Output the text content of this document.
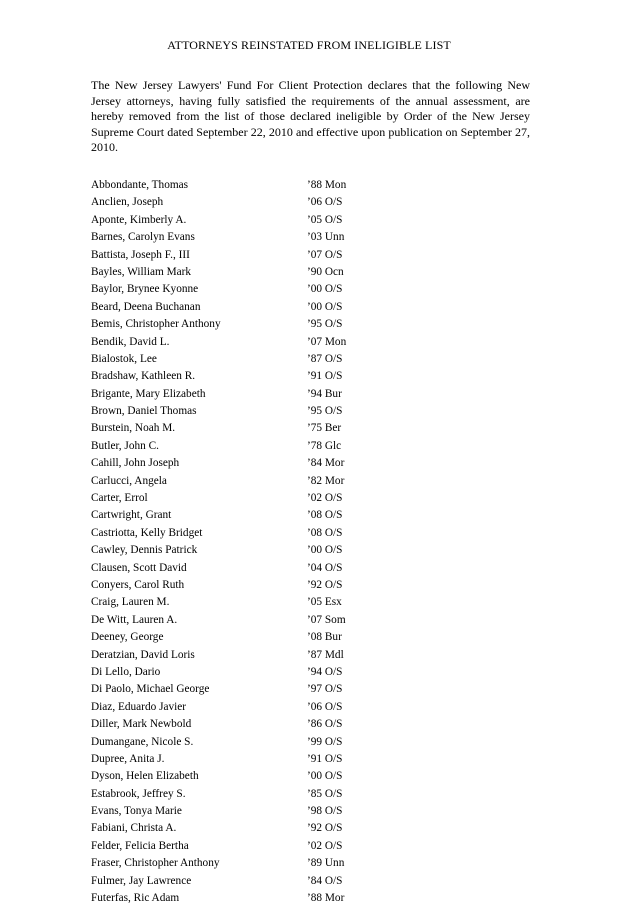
ATTORNEYS REINSTATED FROM INELIGIBLE LIST

The New Jersey Lawyers' Fund For Client Protection declares that the following New Jersey attorneys, having fully satisfied the requirements of the annual assessment, are hereby removed from the list of those declared ineligible by Order of the New Jersey Supreme Court dated September 22, 2010 and effective upon publication on September 27, 2010.

Abbondante, Thomas	’88 Mon
Anclien, Joseph	’06 O/S
Aponte, Kimberly A.	’05 O/S
Barnes, Carolyn Evans	’03 Unn
Battista, Joseph F., III	’07 O/S
Bayles, William Mark	’90 Ocn
Baylor, Brynee Kyonne	’00 O/S
Beard, Deena Buchanan	’00 O/S
Bemis, Christopher Anthony	’95 O/S
Bendik, David L.	’07 Mon
Bialostok, Lee	’87 O/S
Bradshaw, Kathleen R.	’91 O/S
Brigante, Mary Elizabeth	’94 Bur
Brown, Daniel Thomas	’95 O/S
Burstein, Noah M.	’75 Ber
Butler, John C.	’78 Glc
Cahill, John Joseph	’84 Mor
Carlucci, Angela	’82 Mor
Carter, Errol	’02 O/S
Cartwright, Grant	’08 O/S
Castriotta, Kelly Bridget	’08 O/S
Cawley, Dennis Patrick	’00 O/S
Clausen, Scott David	’04 O/S
Conyers, Carol Ruth	’92 O/S
Craig, Lauren M.	’05 Esx
De Witt, Lauren A.	’07 Som
Deeney, George	’08 Bur
Deratzian, David Loris	’87 Mdl
Di Lello, Dario	’94 O/S
Di Paolo, Michael George	’97 O/S
Diaz, Eduardo Javier	’06 O/S
Diller, Mark Newbold	’86 O/S
Dumangane, Nicole S.	’99 O/S
Dupree, Anita J.	’91 O/S
Dyson, Helen Elizabeth	’00 O/S
Estabrook, Jeffrey S.	’85 O/S
Evans, Tonya Marie	’98 O/S
Fabiani, Christa A.	’92 O/S
Felder, Felicia Bertha	’02 O/S
Fraser, Christopher Anthony	’89 Unn
Fulmer, Jay Lawrence	’84 O/S
Futerfas, Ric Adam	’88 Mor
